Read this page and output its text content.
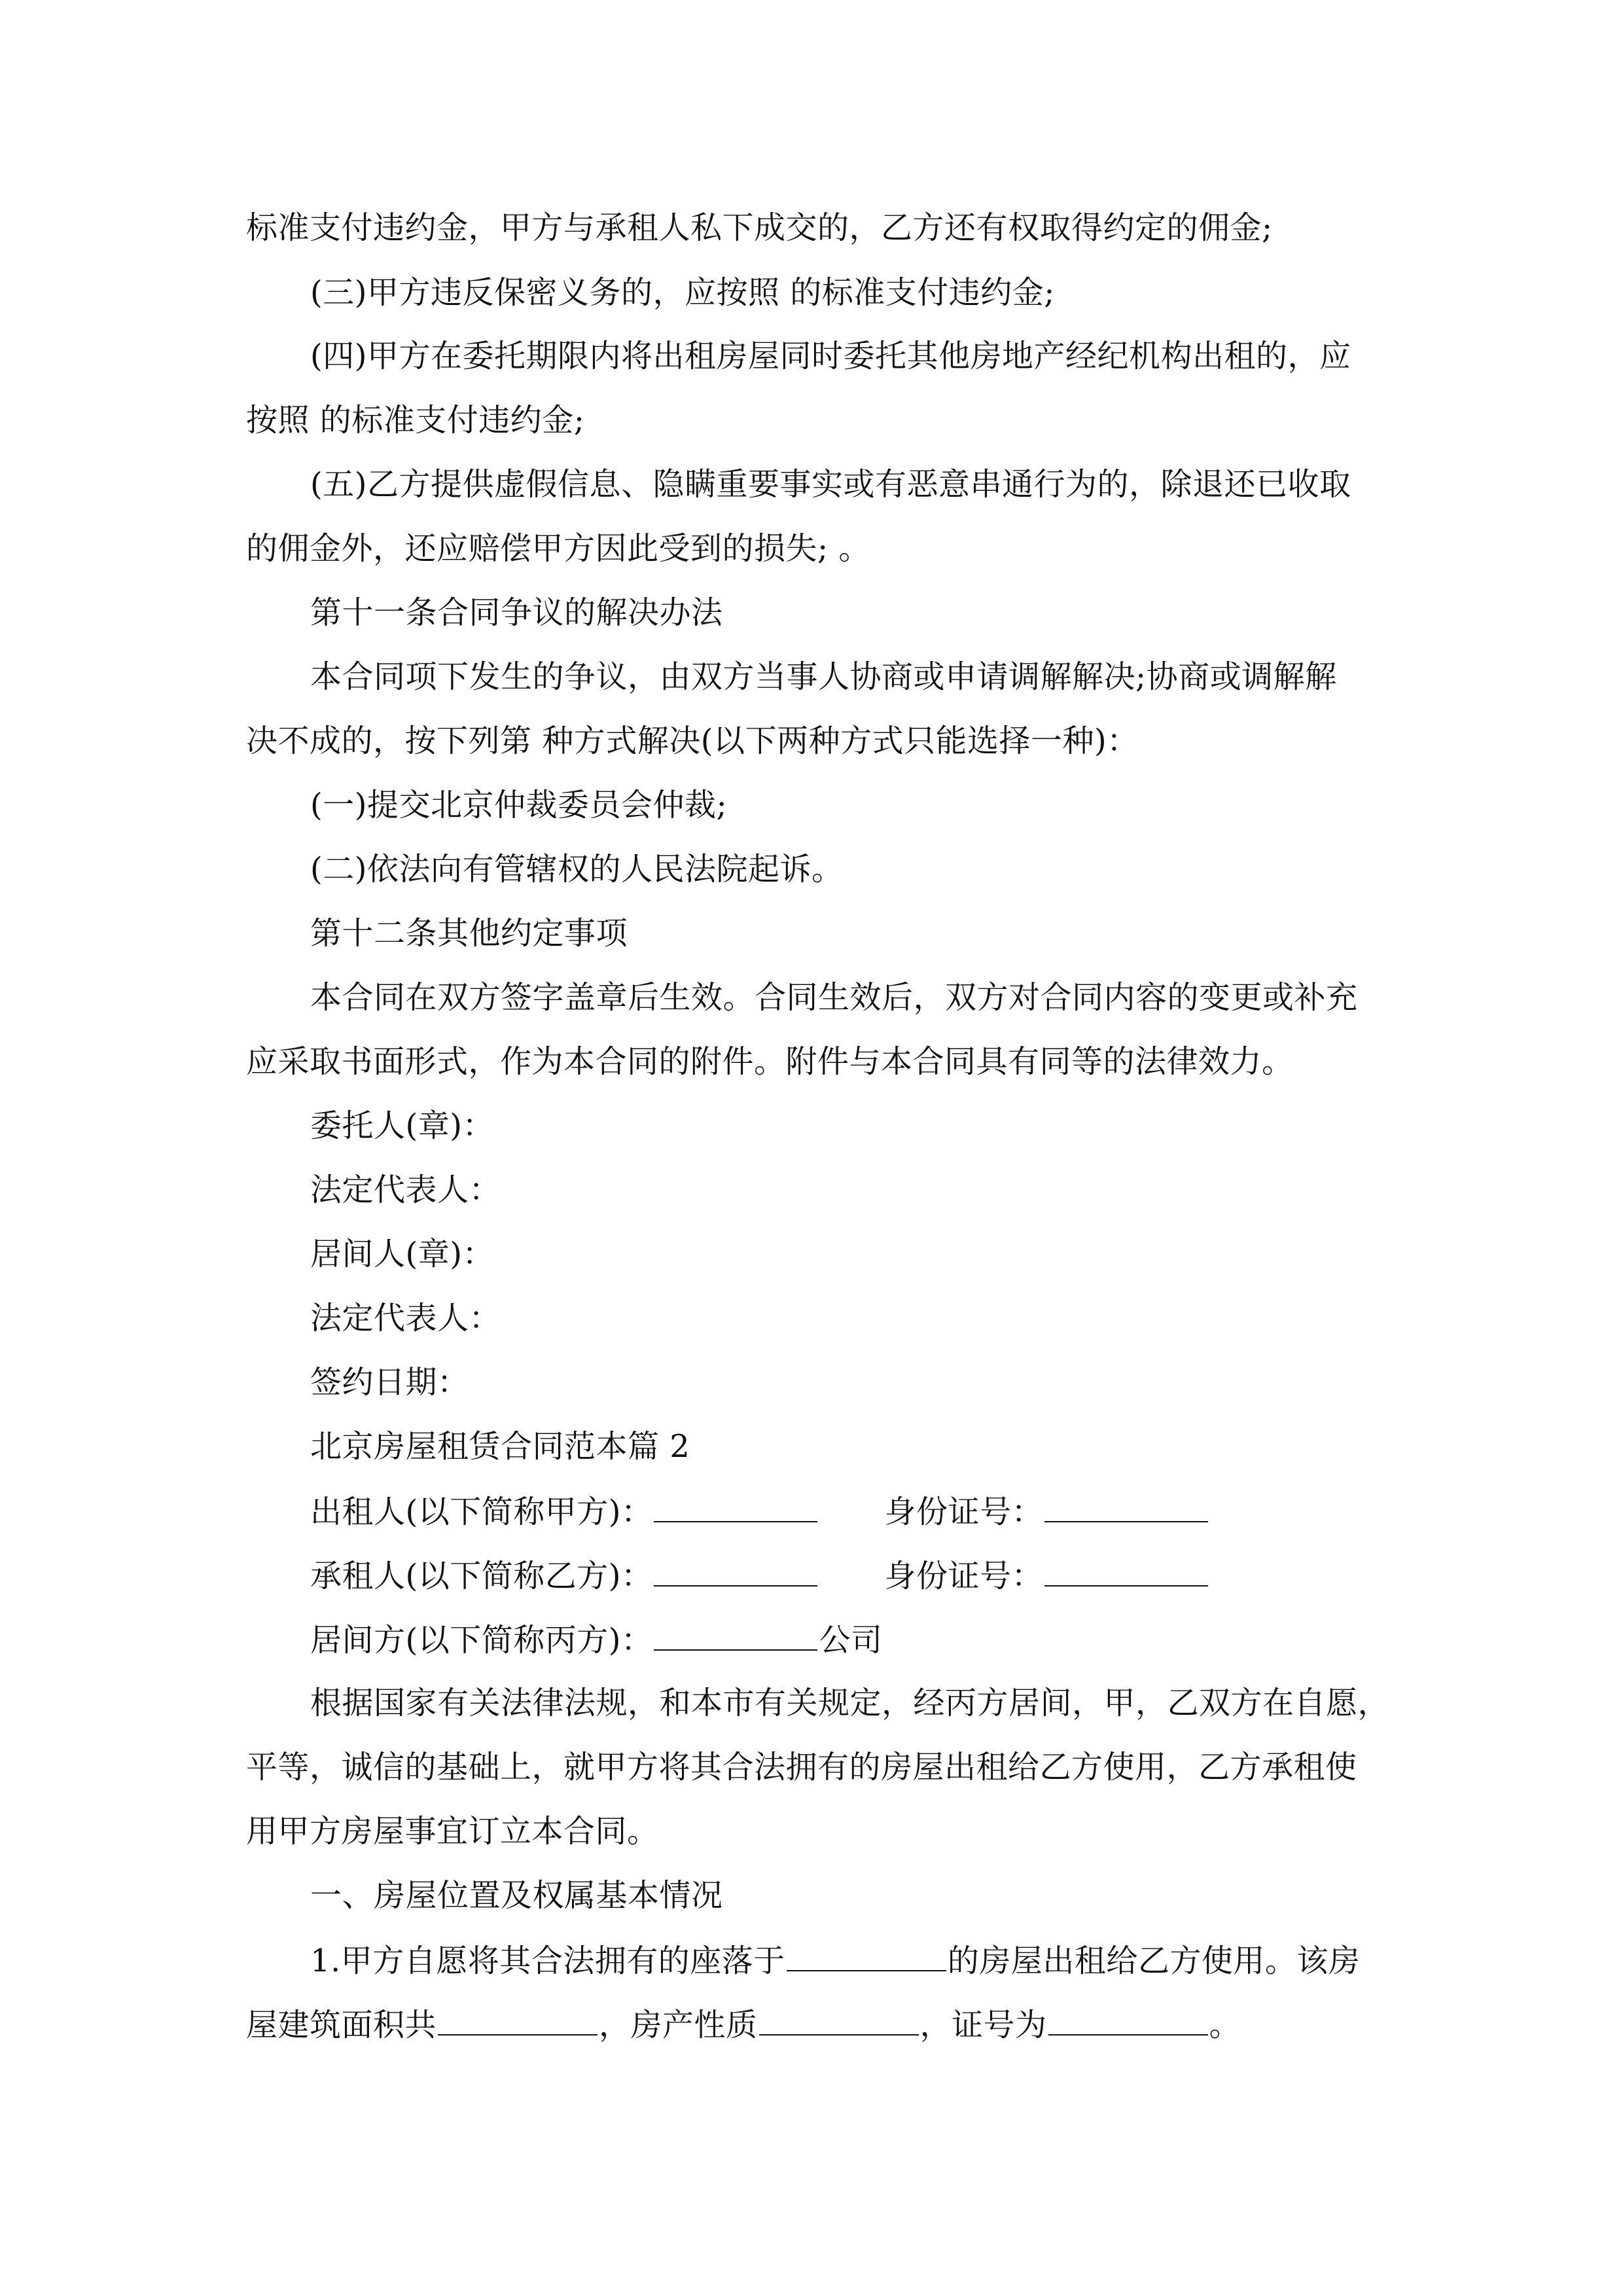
标准支付违约金，甲方与承租人私下成交的，乙方还有权取得约定的佣金;
(三)甲方违反保密义务的，应按照 的标准支付违约金;
(四)甲方在委托期限内将出租房屋同时委托其他房地产经纪机构出租的，应
按照 的标准支付违约金;
(五)乙方提供虚假信息、隐瞒重要事实或有恶意串通行为的，除退还已收取
的佣金外，还应赔偿甲方因此受到的损失; 。
第十一条合同争议的解决办法
本合同项下发生的争议，由双方当事人协商或申请调解解决;协商或调解解
决不成的，按下列第 种方式解决(以下两种方式只能选择一种)：
(一)提交北京仲裁委员会仲裁;
(二)依法向有管辖权的人民法院起诉。
第十二条其他约定事项
本合同在双方签字盖章后生效。合同生效后，双方对合同内容的变更或补充
应采取书面形式，作为本合同的附件。附件与本合同具有同等的法律效力。
委托人(章)：
法定代表人：
居间人(章)：
法定代表人：
签约日期：
北京房屋租赁合同范本篇 2
出租人(以下简称甲方)：	身份证号：
承租人(以下简称乙方)：	身份证号：
居间方(以下简称丙方)：	公司
根据国家有关法律法规，和本市有关规定，经丙方居间，甲，乙双方在自愿，
平等，诚信的基础上，就甲方将其合法拥有的房屋出租给乙方使用，乙方承租使
用甲方房屋事宜订立本合同。
一、房屋位置及权属基本情况
1.甲方自愿将其合法拥有的座落于	的房屋出租给乙方使用。该房
屋建筑面积共	，房产性质	，证号为	。
